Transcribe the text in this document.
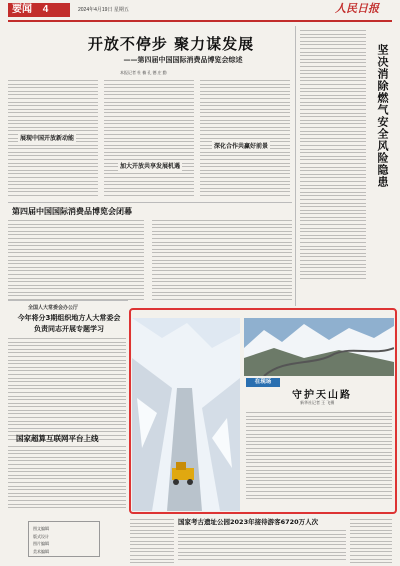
要闻 4	2024年4月19日 星期五	人民日报
开放不停步 聚力谋发展
——第四届中国国际消费品博览会综述
本报记者 杜 楠 孔 德 庄 勤
展现中国开放新动能
加大开放共享发展机遇
深化合作共赢好前景	坚决消除燃气安全风险隐患
第四届中国国际消费品博览会闭幕
全国人大常委会办公厅
今年将分3期组织地方人大常委会
负责同志开展专题学习
国家超算互联网平台上线
在现场
守护天山路
新华社记者 王 飞摄
国家考古遗址公园2023年接待游客6720万人次
图文编辑
版式设计
图片编辑
美术编辑
